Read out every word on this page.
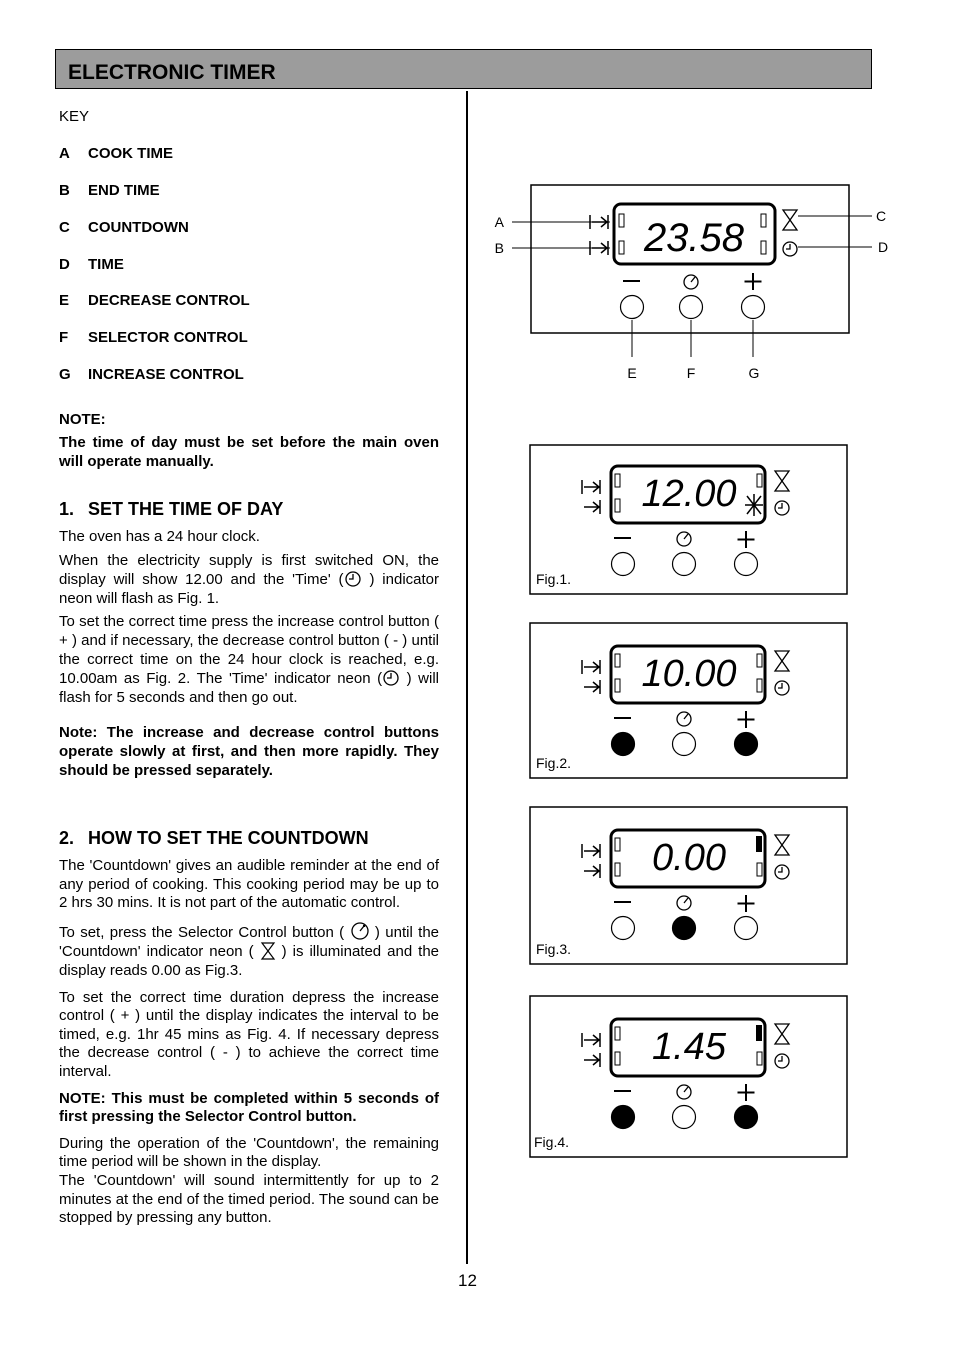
ELECTRONIC TIMER
KEY
A COOK TIME
B END TIME
C COUNTDOWN
D TIME
E DECREASE CONTROL
F SELECTOR CONTROL
G INCREASE CONTROL
NOTE:
The time of day must be set before the main oven will operate manually.
1. SET THE TIME OF DAY

The oven has a 24 hour clock.

When the electricity supply is first switched ON, the display will show 12.00 and the 'Time' ( ) indicator neon will flash as Fig. 1.

To set the correct time press the increase control button ( + ) and if necessary, the decrease control button ( - ) until the correct time on the 24 hour clock is reached, e.g. 10.00am as Fig. 2. The 'Time' indicator neon ( ) will flash for 5 seconds and then go out.

Note: The increase and decrease control buttons operate slowly at first, and then more rapidly. They should be pressed separately.

2. HOW TO SET THE COUNTDOWN

The 'Countdown' gives an audible reminder at the end of any period of cooking. This cooking period may be up to 2 hrs 30 mins. It is not part of the automatic control.

To set, press the Selector Control button ( ) until the 'Countdown' indicator neon ( ) is illuminated and the display reads 0.00 as Fig.3.

To set the correct time duration depress the increase control ( + ) until the display indicates the interval to be timed, e.g. 1hr 45 mins as Fig. 4. If necessary depress the decrease control ( - ) to achieve the correct time interval.

NOTE: This must be completed within 5 seconds of first pressing the Selector Control button.

During the operation of the 'Countdown', the remaining time period will be shown in the display.

The 'Countdown' will sound intermittently for up to 2 minutes at the end of the timed period. The sound can be stopped by pressing any button.

23.58
A
B
C
D
E	F	G
12.00
Fig.1.
10.00
Fig.2.
0.00
Fig.3.
1.45
Fig.4.
12
